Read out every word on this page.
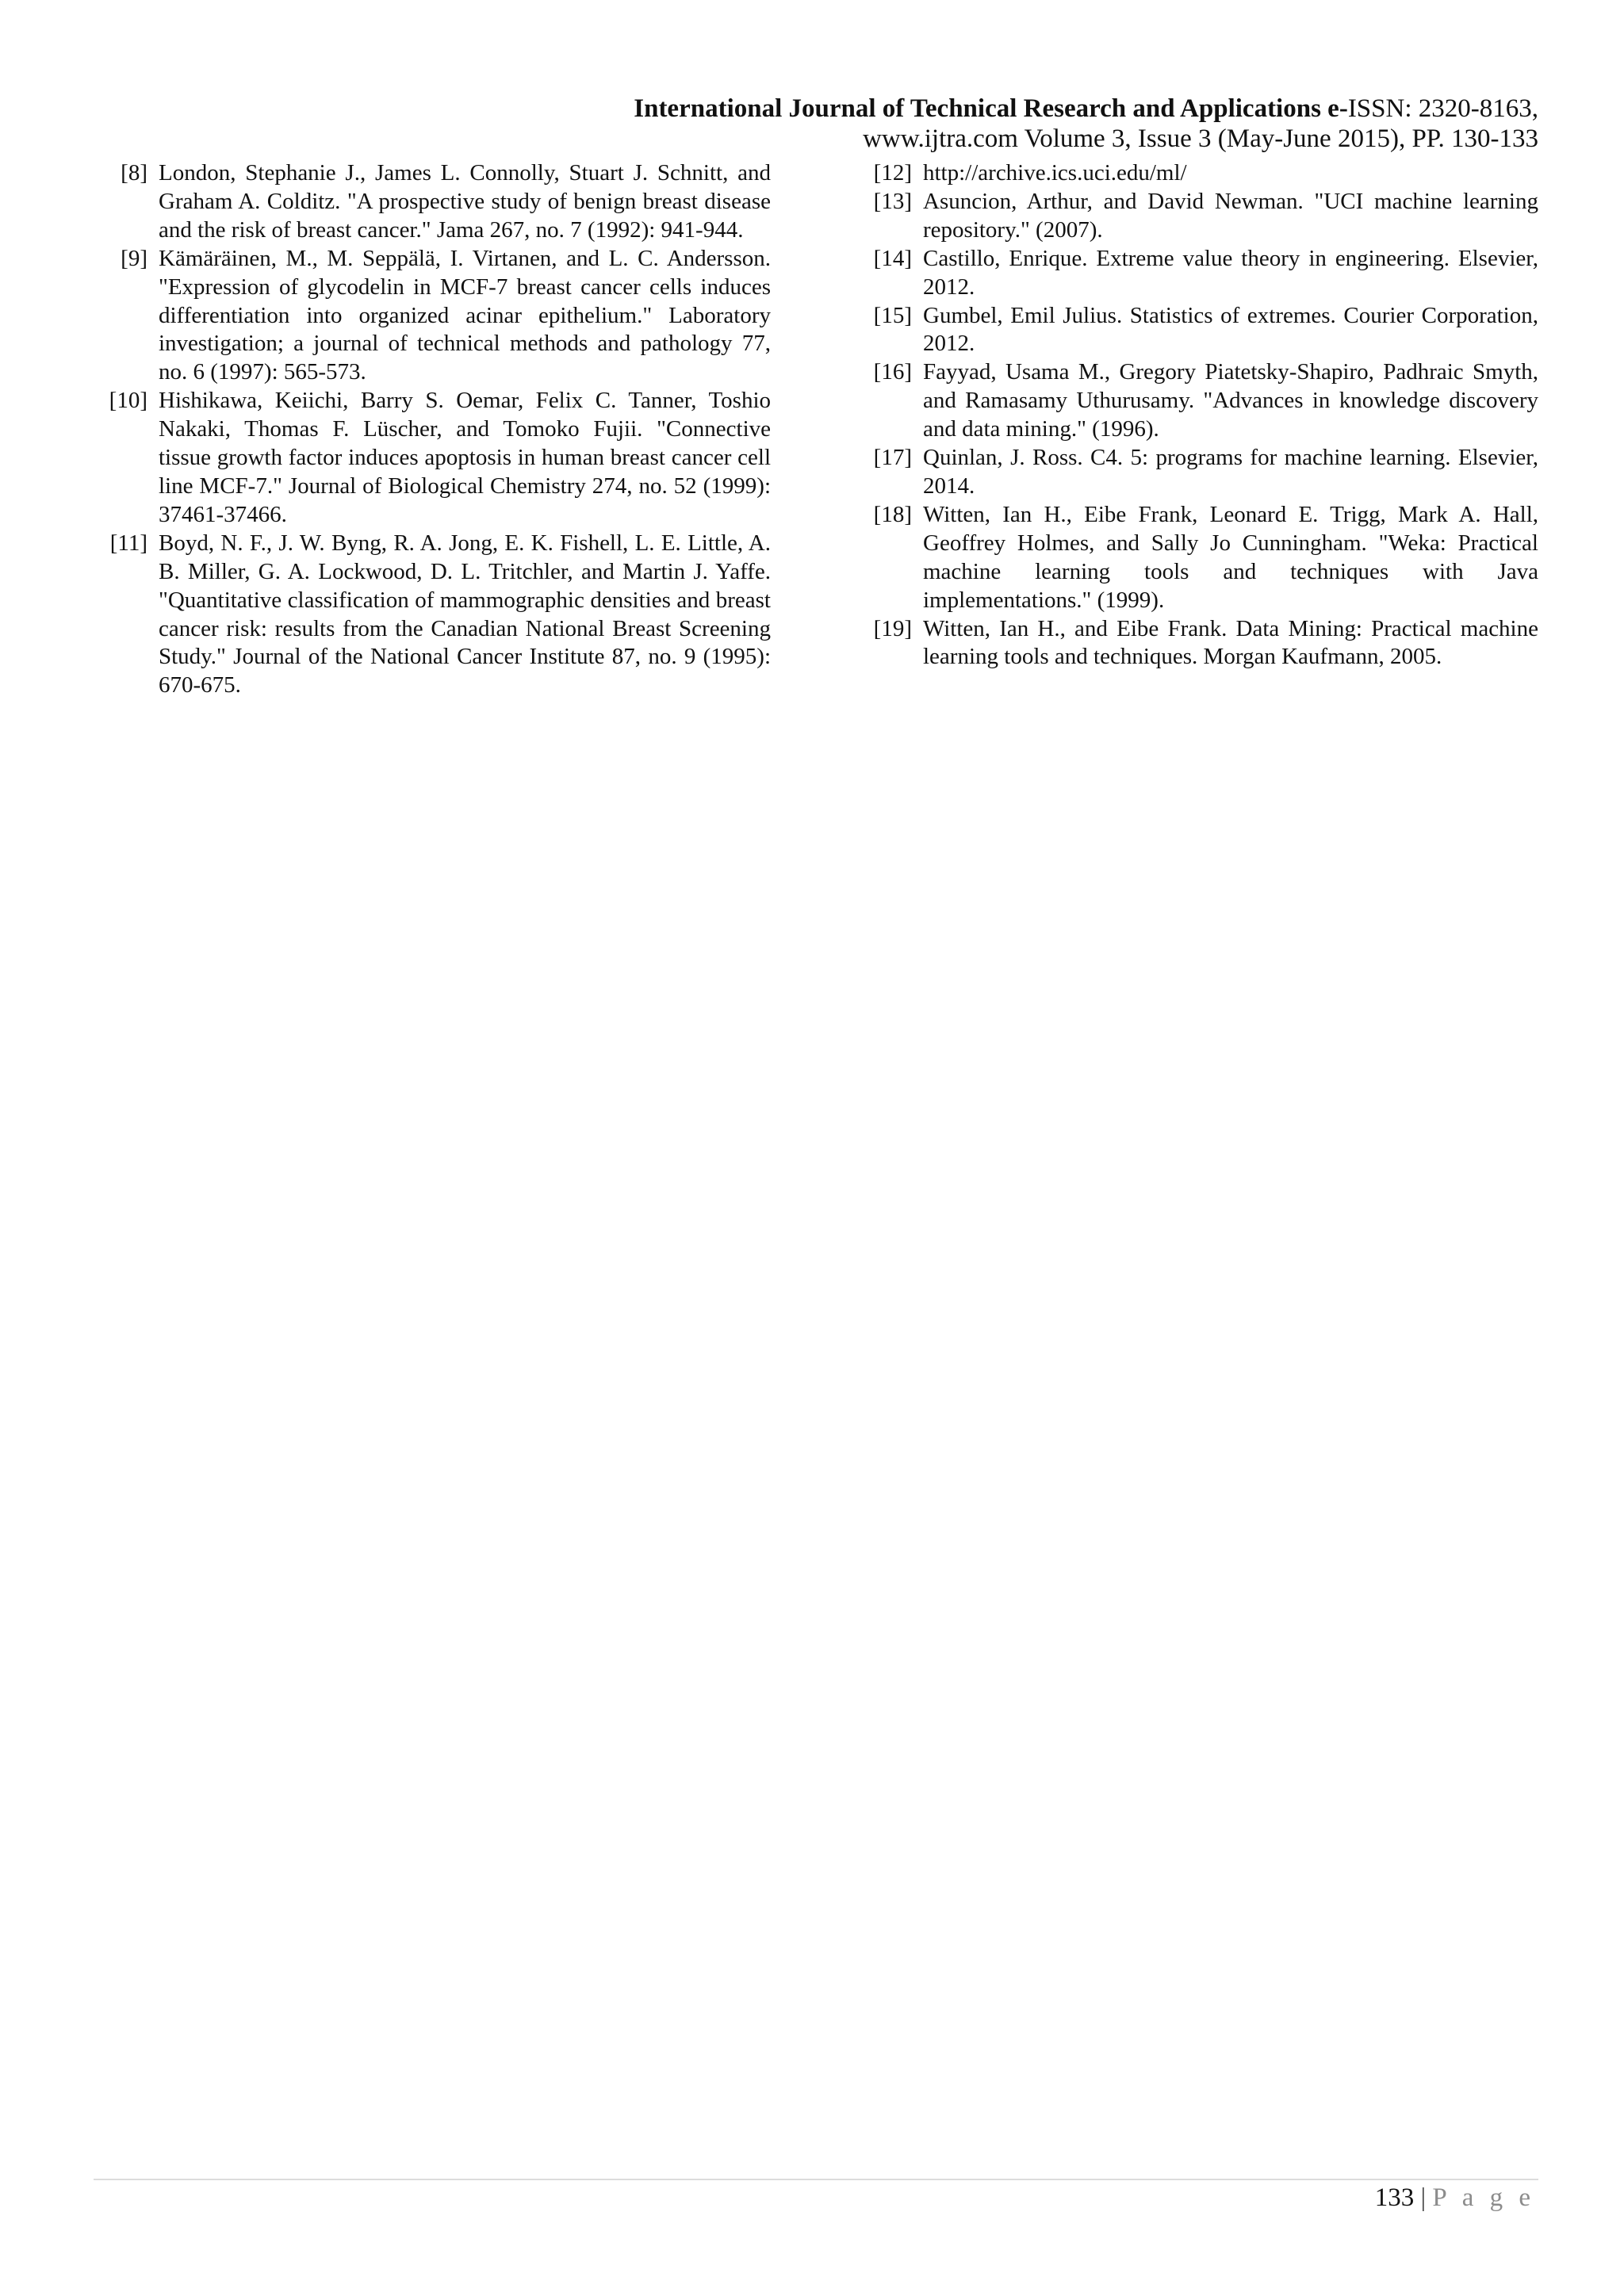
International Journal of Technical Research and Applications e-ISSN: 2320-8163,
www.ijtra.com Volume 3, Issue 3 (May-June 2015), PP. 130-133
[8] London, Stephanie J., James L. Connolly, Stuart J. Schnitt, and Graham A. Colditz. "A prospective study of benign breast disease and the risk of breast cancer." Jama 267, no. 7 (1992): 941-944.
[9] Kämäräinen, M., M. Seppälä, I. Virtanen, and L. C. Andersson. "Expression of glycodelin in MCF-7 breast cancer cells induces differentiation into organized acinar epithelium." Laboratory investigation; a journal of technical methods and pathology 77, no. 6 (1997): 565-573.
[10] Hishikawa, Keiichi, Barry S. Oemar, Felix C. Tanner, Toshio Nakaki, Thomas F. Lüscher, and Tomoko Fujii. "Connective tissue growth factor induces apoptosis in human breast cancer cell line MCF-7." Journal of Biological Chemistry 274, no. 52 (1999): 37461-37466.
[11] Boyd, N. F., J. W. Byng, R. A. Jong, E. K. Fishell, L. E. Little, A. B. Miller, G. A. Lockwood, D. L. Tritchler, and Martin J. Yaffe. "Quantitative classification of mammographic densities and breast cancer risk: results from the Canadian National Breast Screening Study." Journal of the National Cancer Institute 87, no. 9 (1995): 670-675.
[12] http://archive.ics.uci.edu/ml/
[13] Asuncion, Arthur, and David Newman. "UCI machine learning repository." (2007).
[14] Castillo, Enrique. Extreme value theory in engineering. Elsevier, 2012.
[15] Gumbel, Emil Julius. Statistics of extremes. Courier Corporation, 2012.
[16] Fayyad, Usama M., Gregory Piatetsky-Shapiro, Padhraic Smyth, and Ramasamy Uthurusamy. "Advances in knowledge discovery and data mining." (1996).
[17] Quinlan, J. Ross. C4. 5: programs for machine learning. Elsevier, 2014.
[18] Witten, Ian H., Eibe Frank, Leonard E. Trigg, Mark A. Hall, Geoffrey Holmes, and Sally Jo Cunningham. "Weka: Practical machine learning tools and techniques with Java implementations." (1999).
[19] Witten, Ian H., and Eibe Frank. Data Mining: Practical machine learning tools and techniques. Morgan Kaufmann, 2005.
133 | P a g e
